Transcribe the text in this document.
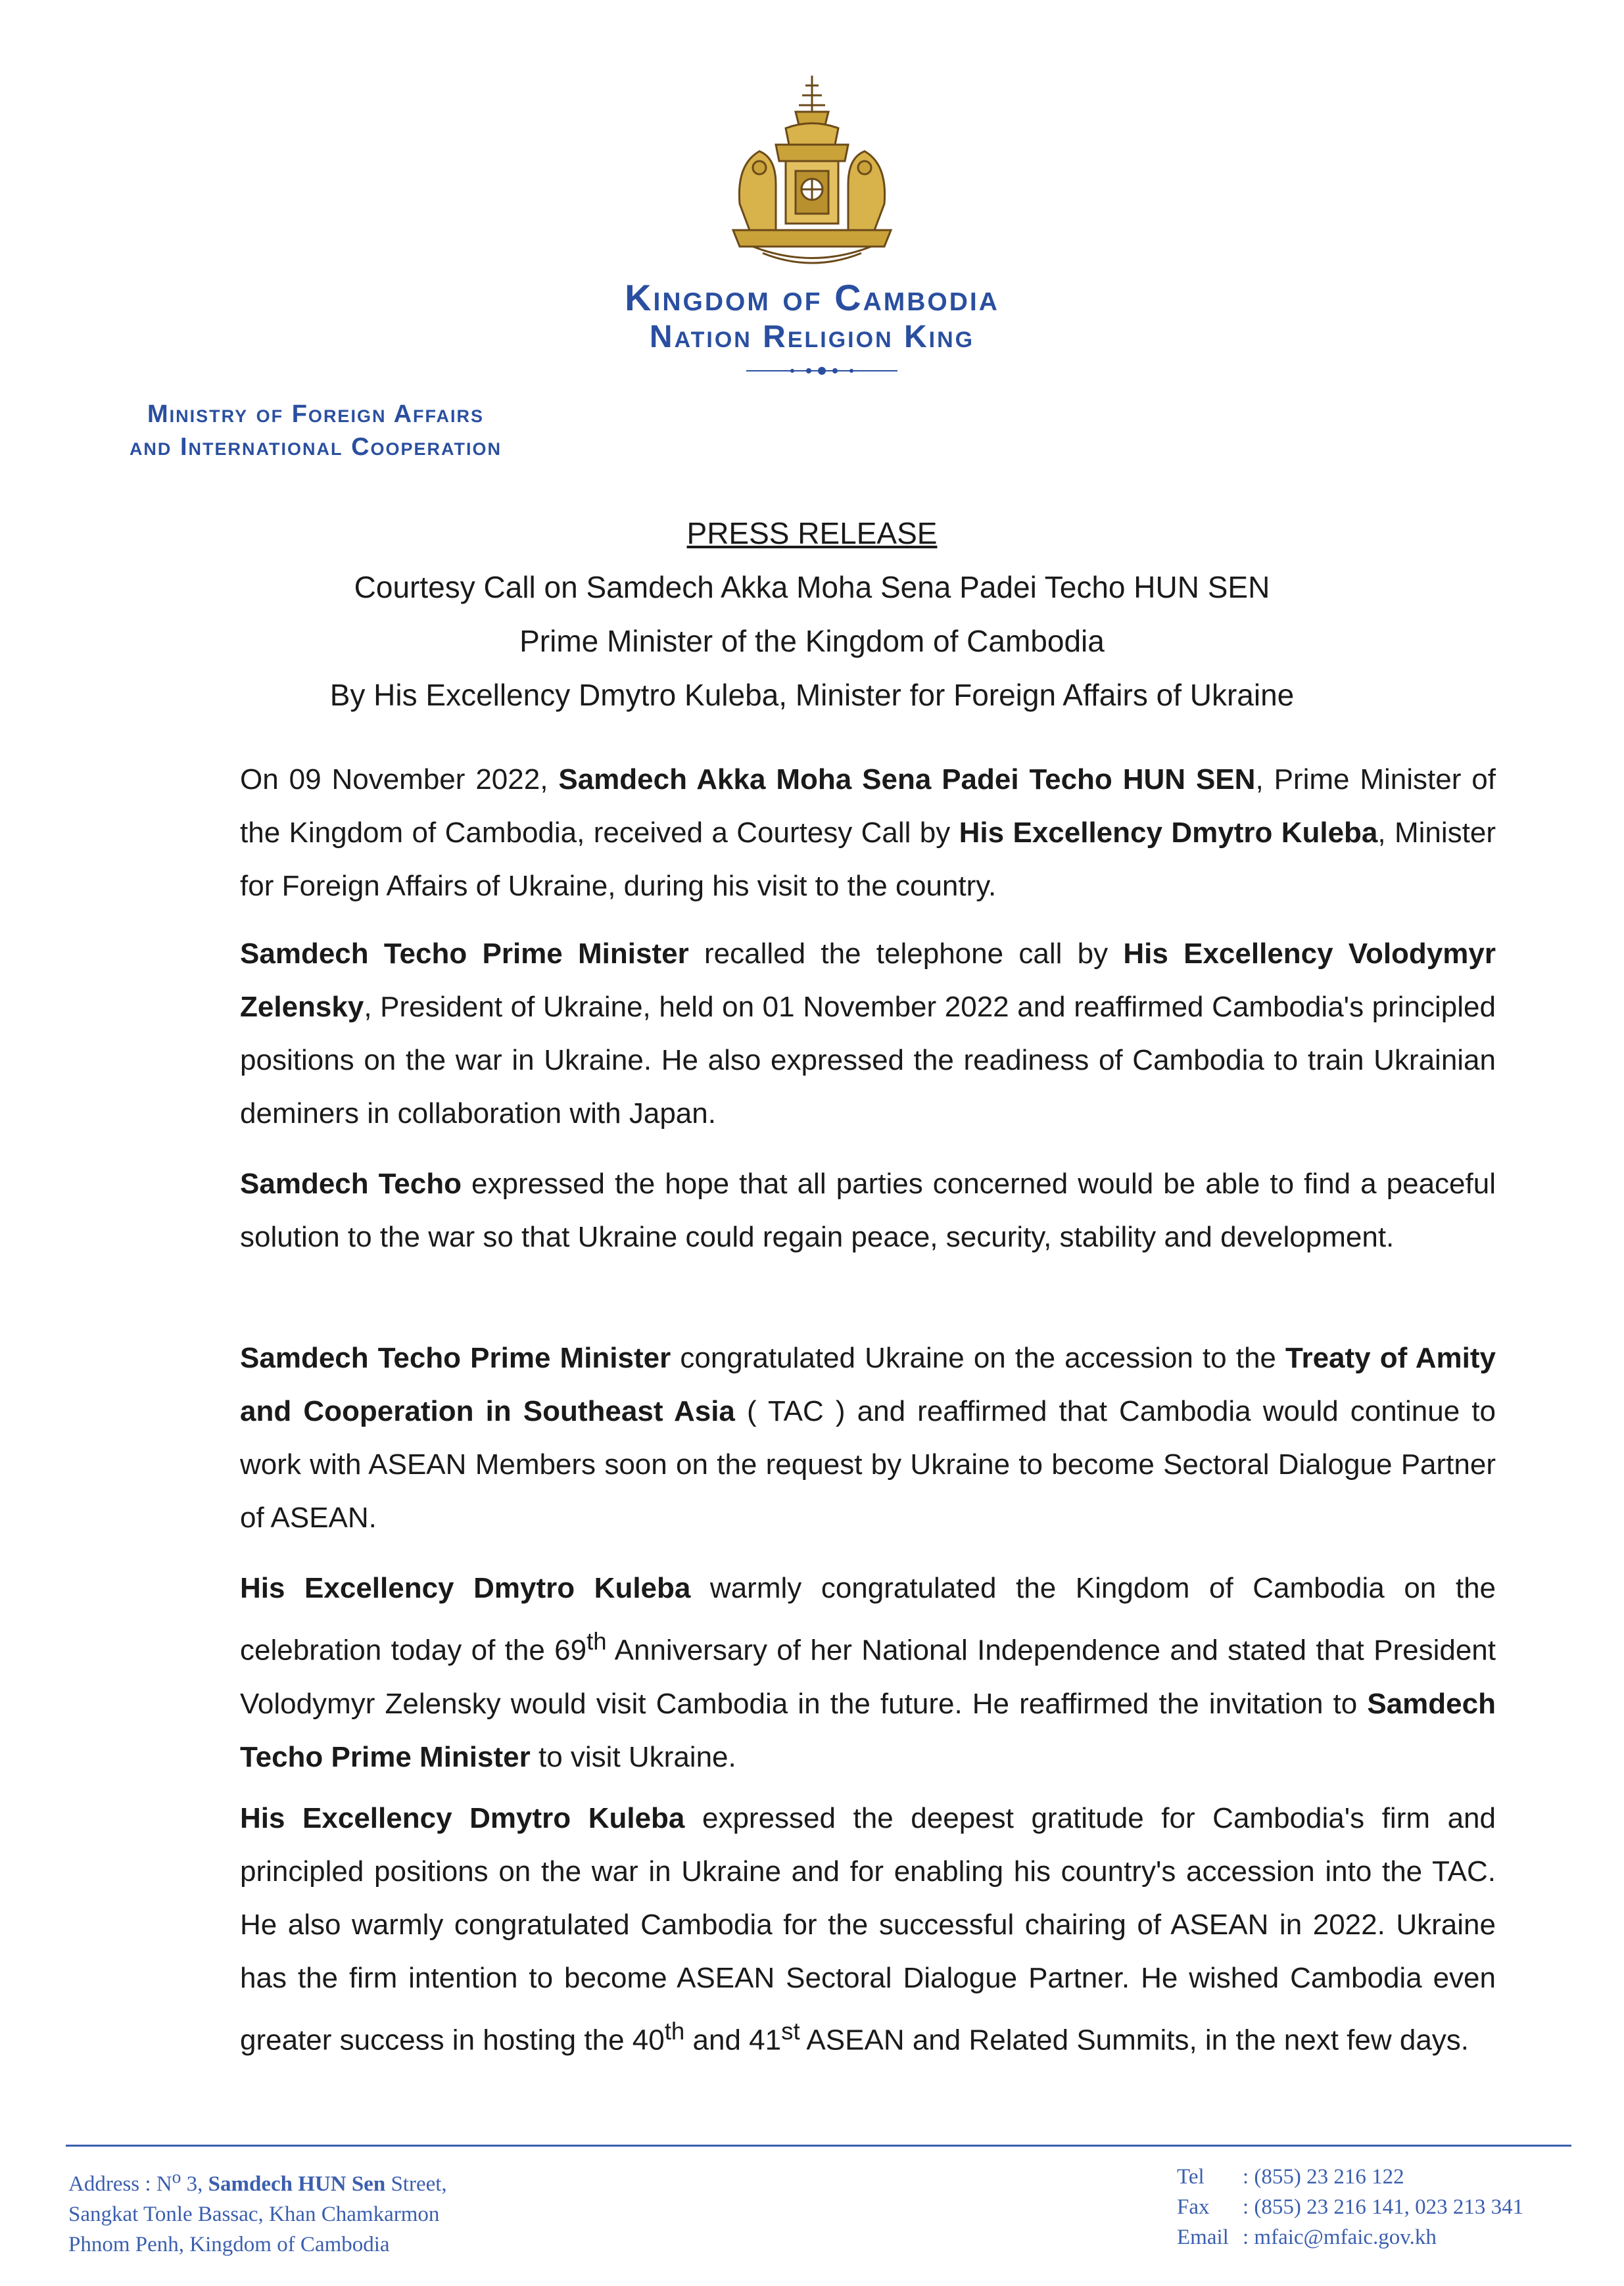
Kingdom of Cambodia
Nation Religion King
Ministry of Foreign Affairs
and International Cooperation
PRESS RELEASE
Courtesy Call on Samdech Akka Moha Sena Padei Techo HUN SEN
Prime Minister of the Kingdom of Cambodia
By His Excellency Dmytro Kuleba, Minister for Foreign Affairs of Ukraine

On 09 November 2022, Samdech Akka Moha Sena Padei Techo HUN SEN, Prime Minister of the Kingdom of Cambodia, received a Courtesy Call by His Excellency Dmytro Kuleba, Minister for Foreign Affairs of Ukraine, during his visit to the country.

Samdech Techo Prime Minister recalled the telephone call by His Excellency Volodymyr Zelensky, President of Ukraine, held on 01 November 2022 and reaffirmed Cambodia's principled positions on the war in Ukraine. He also expressed the readiness of Cambodia to train Ukrainian deminers in collaboration with Japan.

Samdech Techo expressed the hope that all parties concerned would be able to find a peaceful solution to the war so that Ukraine could regain peace, security, stability and development.

Samdech Techo Prime Minister congratulated Ukraine on the accession to the Treaty of Amity and Cooperation in Southeast Asia ( TAC ) and reaffirmed that Cambodia would continue to work with ASEAN Members soon on the request by Ukraine to become Sectoral Dialogue Partner of ASEAN.

His Excellency Dmytro Kuleba warmly congratulated the Kingdom of Cambodia on the celebration today of the 69th Anniversary of her National Independence and stated that President Volodymyr Zelensky would visit Cambodia in the future. He reaffirmed the invitation to Samdech Techo Prime Minister to visit Ukraine.

His Excellency Dmytro Kuleba expressed the deepest gratitude for Cambodia's firm and principled positions on the war in Ukraine and for enabling his country's accession into the TAC. He also warmly congratulated Cambodia for the successful chairing of ASEAN in 2022. Ukraine has the firm intention to become ASEAN Sectoral Dialogue Partner. He wished Cambodia even greater success in hosting the 40th and 41st ASEAN and Related Summits, in the next few days.

Address : $N^o$ 3, Samdech HUN Sen Street,
Sangkat Tonle Bassac, Khan Chamkarmon
Phnom Penh, Kingdom of Cambodia
Tel : (855) 23 216 122
Fax : (855) 23 216 141, 023 213 341
Email : mfaic@mfaic.gov.kh
